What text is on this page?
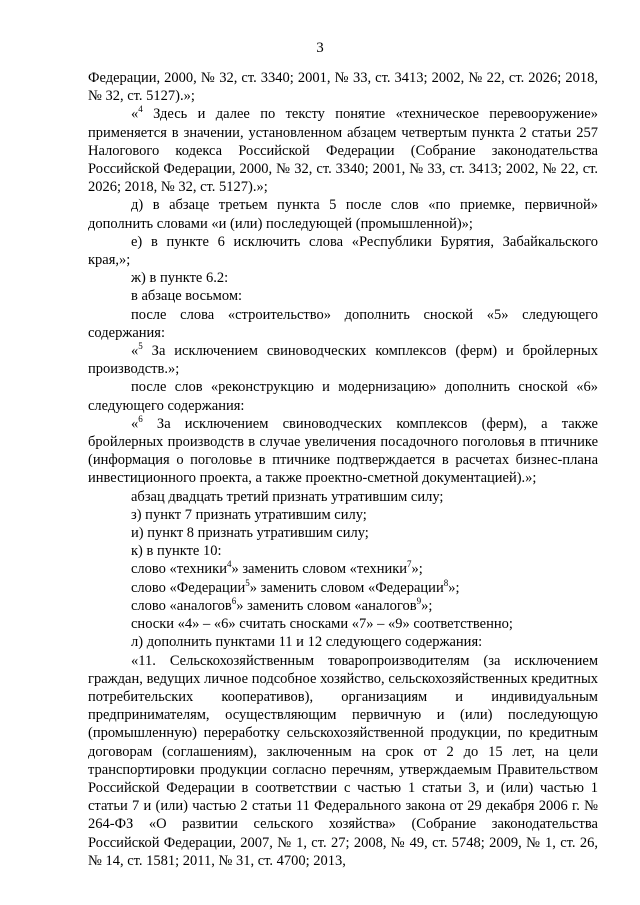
3

Федерации, 2000, № 32, ст. 3340; 2001, № 33, ст. 3413; 2002, № 22, ст. 2026; 2018, № 32, ст. 5127).»;

«$^4$ Здесь и далее по тексту понятие «техническое перевооружение» применяется в значении, установленном абзацем четвертым пункта 2 статьи 257 Налогового кодекса Российской Федерации (Собрание законодательства Российской Федерации, 2000, № 32, ст. 3340; 2001, № 33, ст. 3413; 2002, № 22, ст. 2026; 2018, № 32, ст. 5127).»;

д) в абзаце третьем пункта 5 после слов «по приемке, первичной» дополнить словами «и (или) последующей (промышленной)»;

е) в пункте 6 исключить слова «Республики Бурятия, Забайкальского края,»;

ж) в пункте 6.2:

в абзаце восьмом:

после слова «строительство» дополнить сноской «5» следующего содержания:

«$^5$ За исключением свиноводческих комплексов (ферм) и бройлерных производств.»;

после слов «реконструкцию и модернизацию» дополнить сноской «6» следующего содержания:

«$^6$ За исключением свиноводческих комплексов (ферм), а также бройлерных производств в случае увеличения посадочного поголовья в птичнике (информация о поголовье в птичнике подтверждается в расчетах бизнес-плана инвестиционного проекта, а также проектно-сметной документацией).»;

абзац двадцать третий признать утратившим силу;

з) пункт 7 признать утратившим силу;

и) пункт 8 признать утратившим силу;

к) в пункте 10:

слово «техники$^4$» заменить словом «техники$^7$»;

слово «Федерации$^5$» заменить словом «Федерации$^8$»;

слово «аналогов$^6$» заменить словом «аналогов$^9$»;

сноски «4» – «6» считать сносками «7» – «9» соответственно;

л) дополнить пунктами 11 и 12 следующего содержания:

«11. Сельскохозяйственным товаропроизводителям (за исключением граждан, ведущих личное подсобное хозяйство, сельскохозяйственных кредитных потребительских кооперативов), организациям и индивидуальным предпринимателям, осуществляющим первичную и (или) последующую (промышленную) переработку сельскохозяйственной продукции, по кредитным договорам (соглашениям), заключенным на срок от 2 до 15 лет, на цели транспортировки продукции согласно перечням, утверждаемым Правительством Российской Федерации в соответствии с частью 1 статьи 3, и (или) частью 1 статьи 7 и (или) частью 2 статьи 11 Федерального закона от 29 декабря 2006 г. № 264-ФЗ «О развитии сельского хозяйства» (Собрание законодательства Российской Федерации, 2007, № 1, ст. 27; 2008, № 49, ст. 5748; 2009, № 1, ст. 26, № 14, ст. 1581; 2011, № 31, ст. 4700; 2013,
